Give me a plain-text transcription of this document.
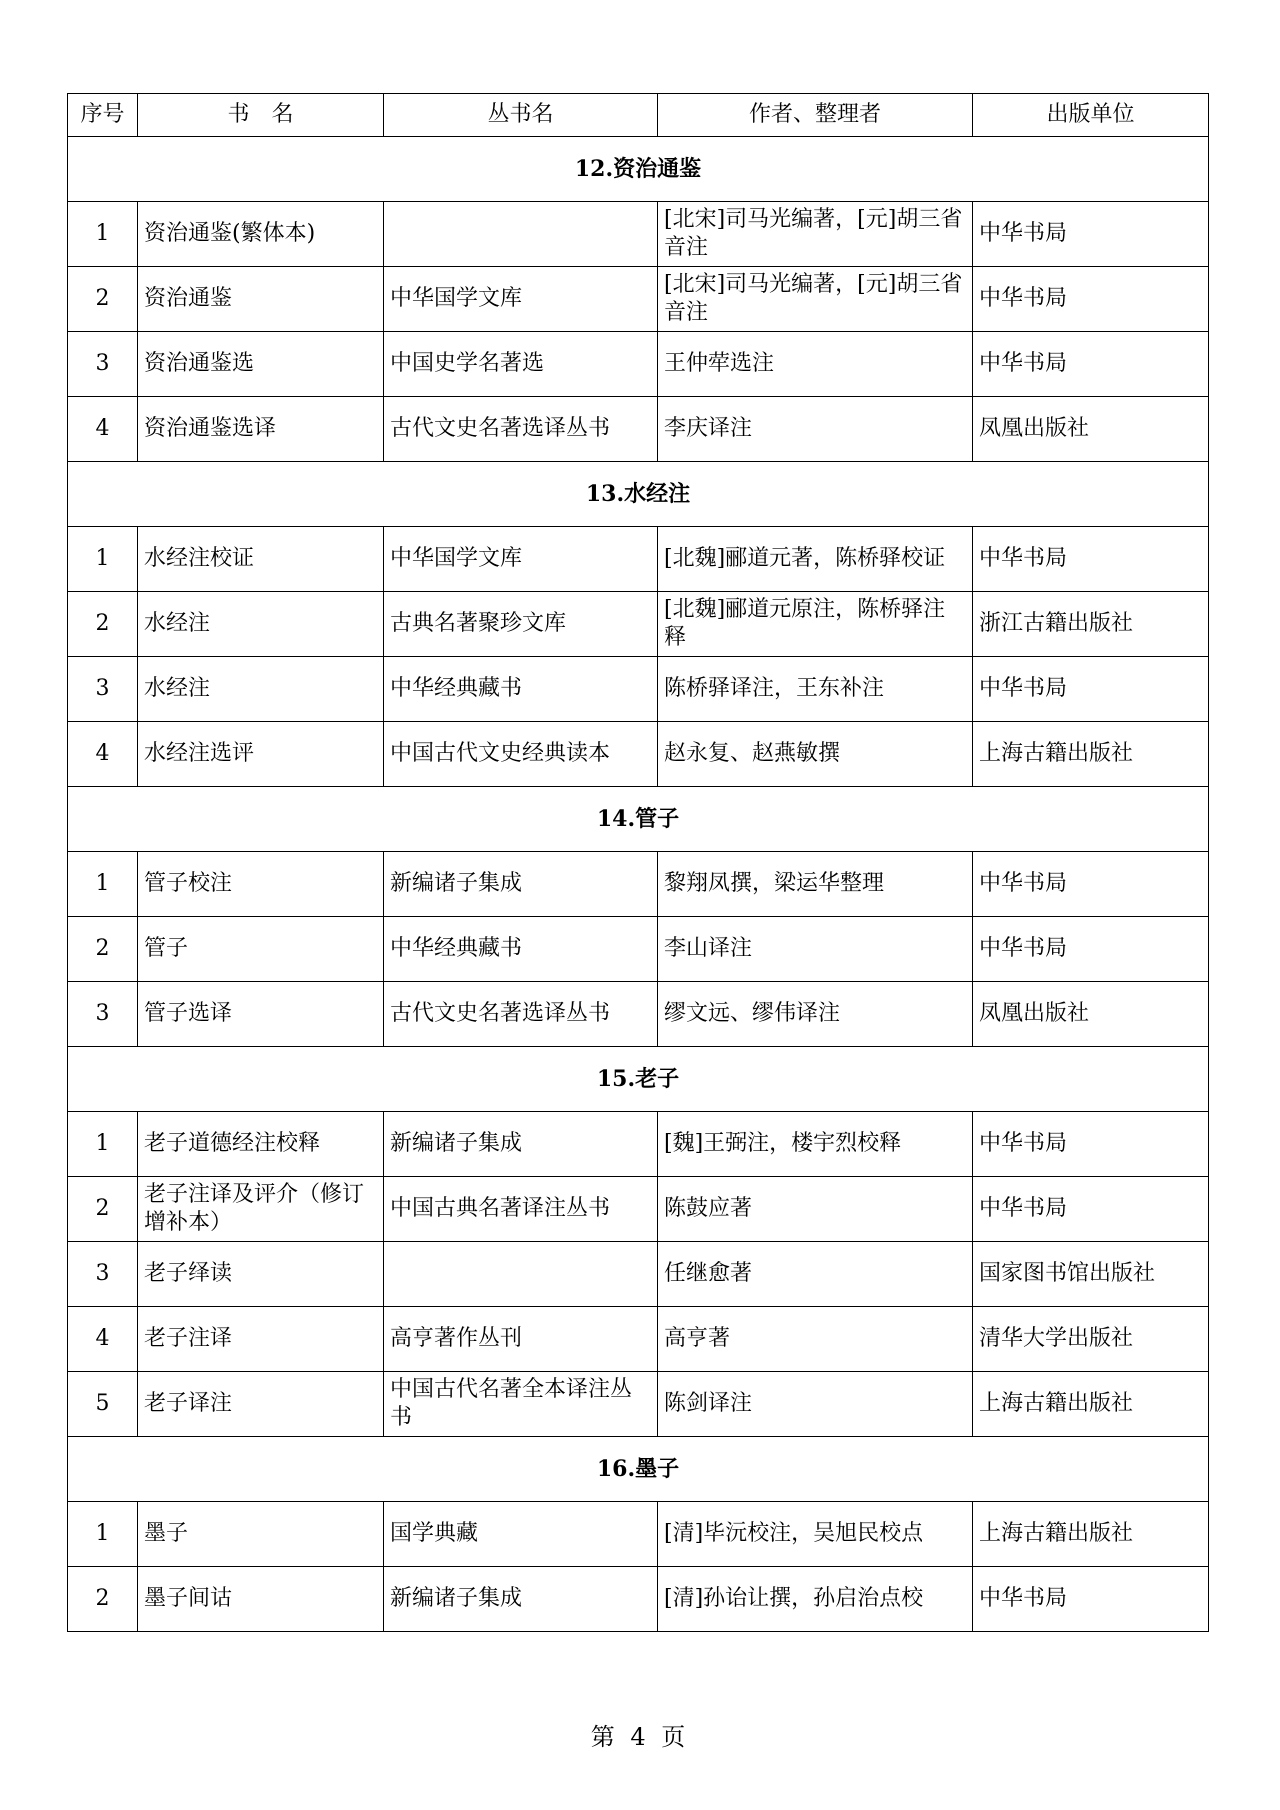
序号	书　名	丛书名	作者、整理者	出版单位
12.资治通鉴				
1	资治通鉴(繁体本)		[北宋]司马光编著，[元]胡三省音注	中华书局
2	资治通鉴	中华国学文库	[北宋]司马光编著，[元]胡三省音注	中华书局
3	资治通鉴选	中国史学名著选	王仲荦选注	中华书局
4	资治通鉴选译	古代文史名著选译丛书	李庆译注	凤凰出版社
13.水经注				
1	水经注校证	中华国学文库	[北魏]郦道元著，陈桥驿校证	中华书局
2	水经注	古典名著聚珍文库	[北魏]郦道元原注，陈桥驿注释	浙江古籍出版社
3	水经注	中华经典藏书	陈桥驿译注，王东补注	中华书局
4	水经注选评	中国古代文史经典读本	赵永复、赵燕敏撰	上海古籍出版社
14.管子				
1	管子校注	新编诸子集成	黎翔凤撰，梁运华整理	中华书局
2	管子	中华经典藏书	李山译注	中华书局
3	管子选译	古代文史名著选译丛书	缪文远、缪伟译注	凤凰出版社
15.老子				
1	老子道德经注校释	新编诸子集成	[魏]王弼注，楼宇烈校释	中华书局
2	老子注译及评介（修订增补本）	中国古典名著译注丛书	陈鼓应著	中华书局
3	老子绎读		任继愈著	国家图书馆出版社
4	老子注译	高亨著作丛刊	高亨著	清华大学出版社
5	老子译注	中国古代名著全本译注丛书	陈剑译注	上海古籍出版社
16.墨子				
1	墨子	国学典藏	[清]毕沅校注，吴旭民校点	上海古籍出版社
2	墨子间诂	新编诸子集成	[清]孙诒让撰，孙启治点校	中华书局
第 4 页
